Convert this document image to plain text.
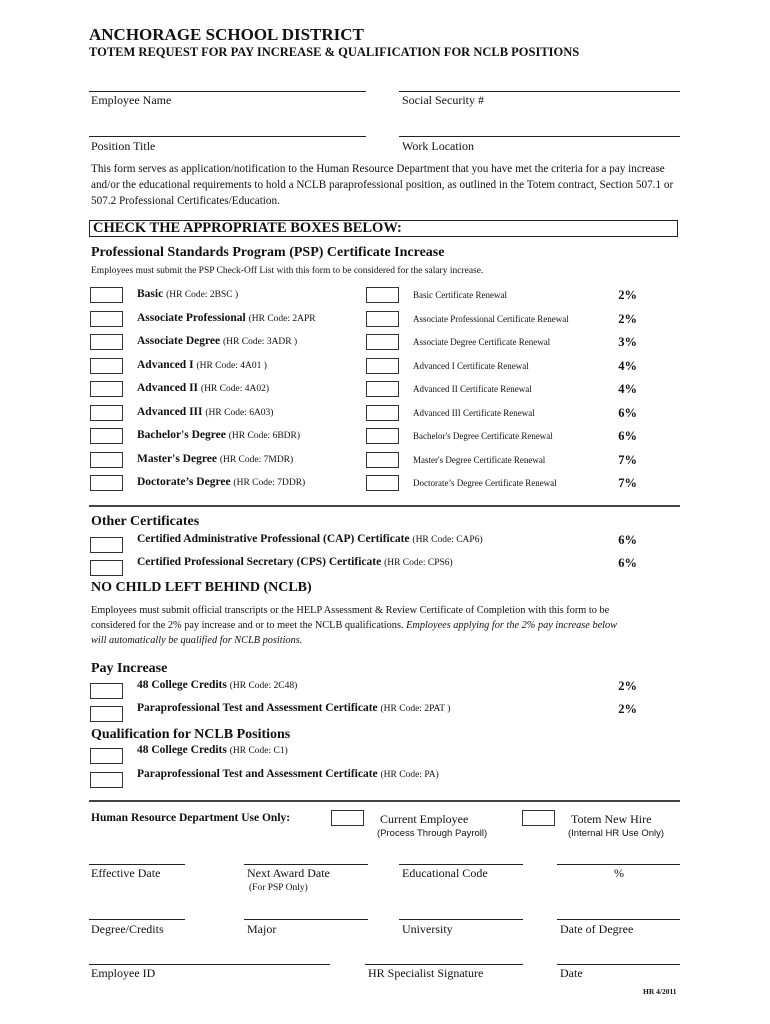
ANCHORAGE SCHOOL DISTRICT
TOTEM REQUEST FOR PAY INCREASE & QUALIFICATION FOR NCLB POSITIONS
Employee Name	Social Security #
Position Title	Work Location
This form serves as application/notification to the Human Resource Department that you have met the criteria for a pay increase and/or the educational requirements to hold a NCLB paraprofessional position, as outlined in the Totem contract, Section 507.1 or 507.2 Professional Certificates/Education.
CHECK THE APPROPRIATE BOXES BELOW:
Professional Standards Program (PSP) Certificate Increase
Employees must submit the PSP Check-Off List with this form to be considered for the salary increase.
Basic (HR Code: 2BSC )	Basic Certificate Renewal	2%
Associate Professional (HR Code: 2APR	Associate Professional Certificate Renewal	2%
Associate Degree (HR Code: 3ADR )	Associate Degree Certificate Renewal	3%
Advanced I (HR Code: 4A01 )	Advanced I Certificate Renewal	4%
Advanced II (HR Code: 4A02)	Advanced II Certificate Renewal	4%
Advanced III (HR Code: 6A03)	Advanced III Certificate Renewal	6%
Bachelor's Degree (HR Code: 6BDR)	Bachelor's Degree Certificate Renewal	6%
Master's Degree (HR Code: 7MDR)	Master's Degree Certificate Renewal	7%
Doctorate’s Degree (HR Code: 7DDR)	Doctorate’s Degree Certificate Renewal	7%
Other Certificates
Certified Administrative Professional (CAP) Certificate (HR Code: CAP6)	6%
Certified Professional Secretary (CPS) Certificate (HR Code: CPS6)	6%
NO CHILD LEFT BEHIND (NCLB)
Employees must submit official transcripts or the HELP Assessment & Review Certificate of Completion with this form to be
considered for the 2% pay increase and or to meet the NCLB qualifications. Employees applying for the 2% pay increase below
will automatically be qualified for NCLB positions.
Pay Increase
48 College Credits (HR Code: 2C48)	2%
Paraprofessional Test and Assessment Certificate (HR Code: 2PAT )	2%
Qualification for NCLB Positions
48 College Credits (HR Code: C1)
Paraprofessional Test and Assessment Certificate (HR Code: PA)
Human Resource Department Use Only:	Current Employee
(Process Through Payroll)
Totem New Hire
(Internal HR Use Only)
Effective Date	Next Award Date
(For PSP Only)
Educational Code	%
Degree/Credits	Major	University	Date of Degree
Employee ID	HR Specialist Signature	Date
HR 4/2011
